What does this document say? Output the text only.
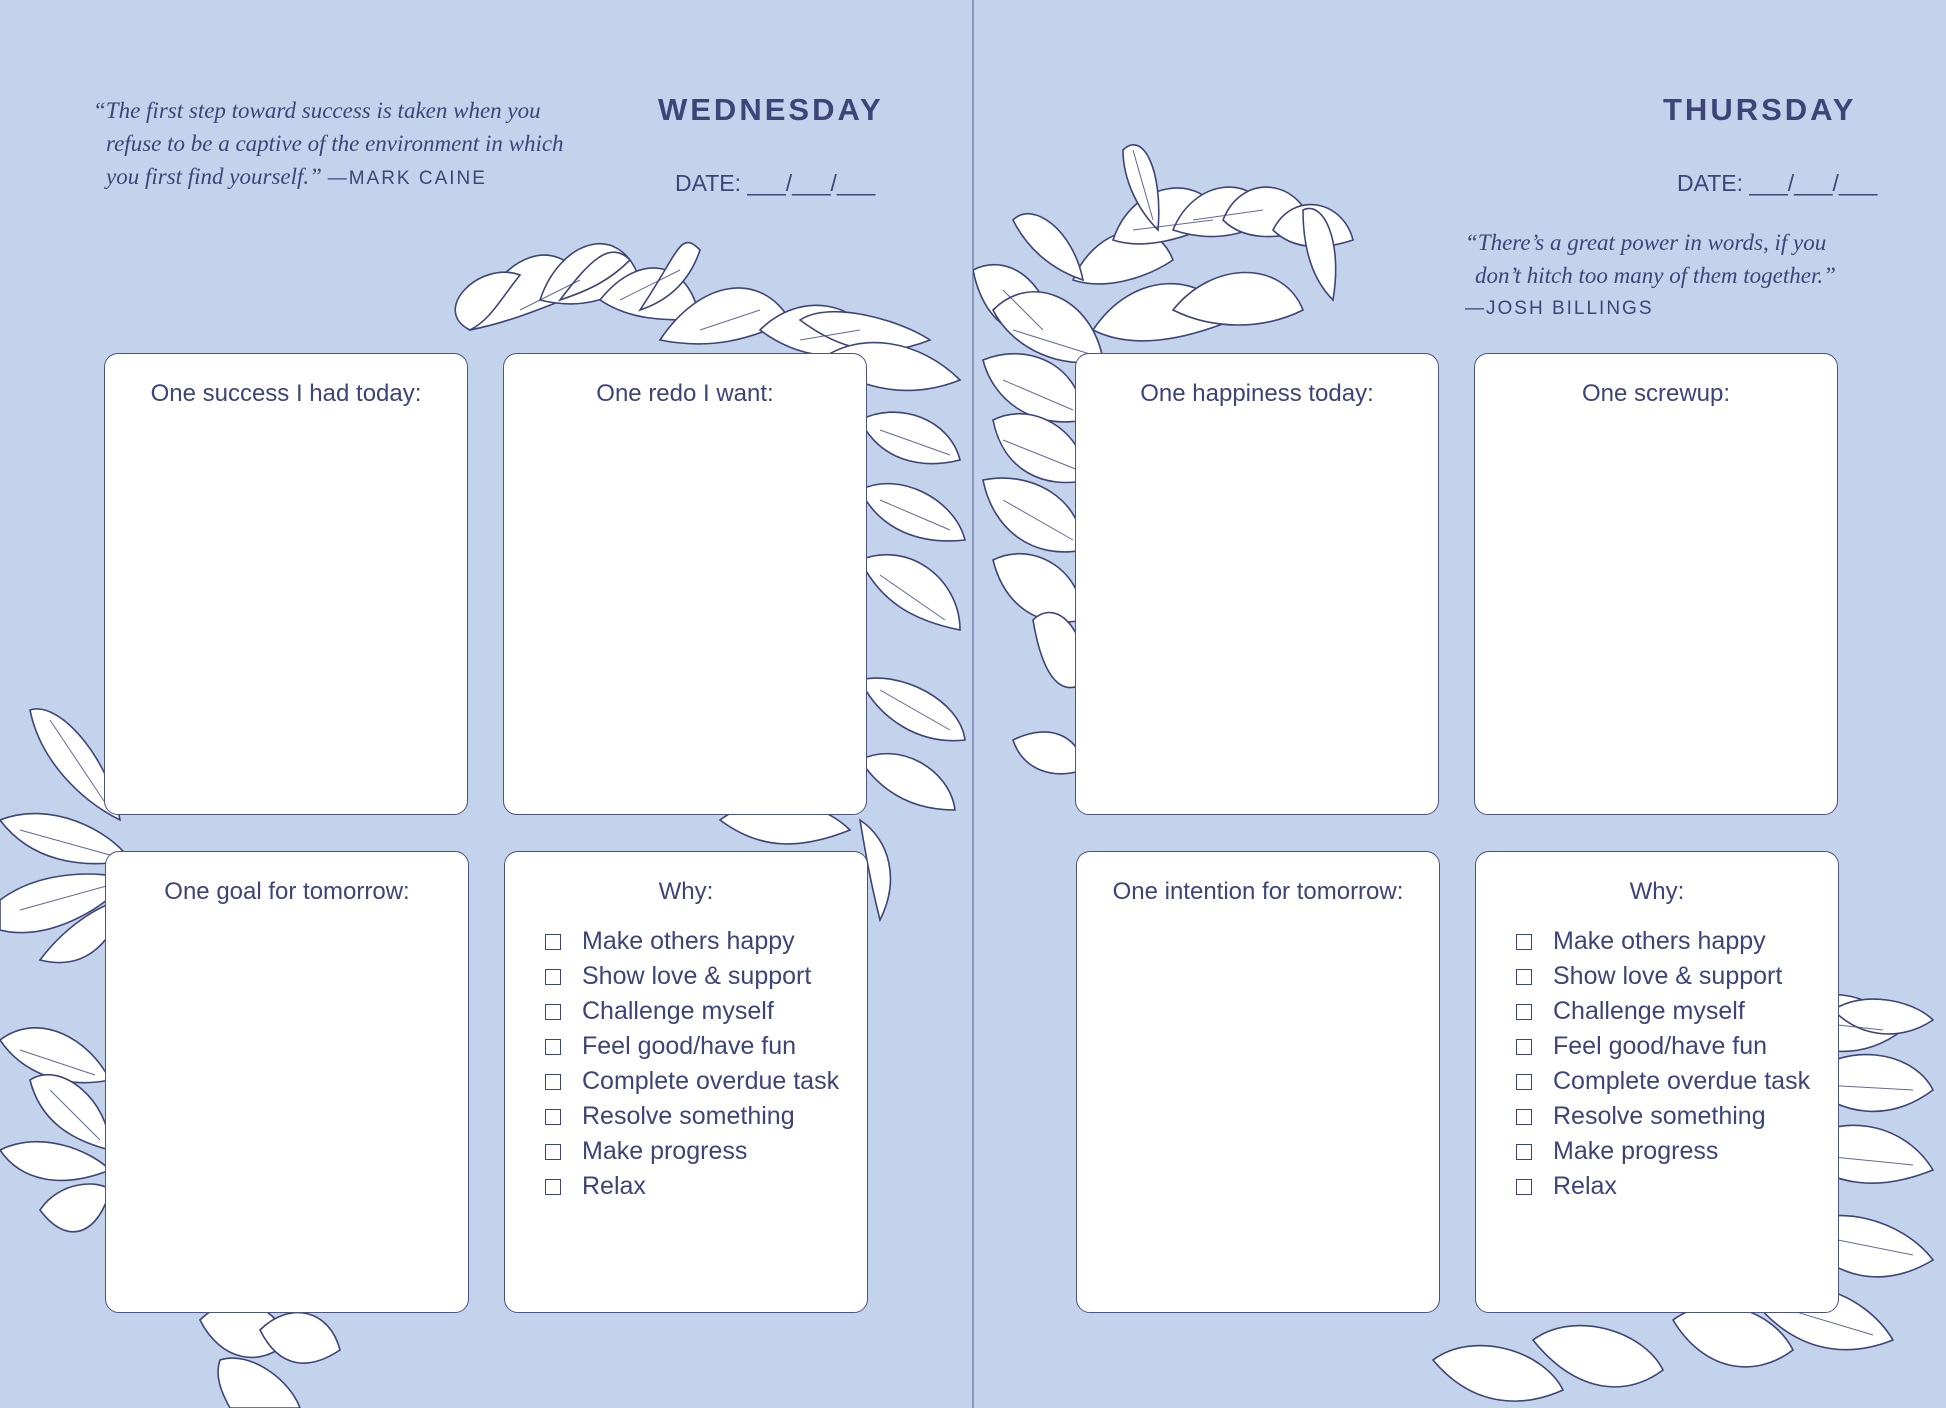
“The first step toward success is taken when you
refuse to be a captive of the environment in which
you first find yourself.” —MARK CAINE
WEDNESDAY
DATE: ___/___/___
One success I had today:	One redo I want:
One goal for tomorrow:	Why:
Make others happy
Show love & support
Challenge myself
Feel good/have fun
Complete overdue task
Resolve something
Make progress
Relax
THURSDAY
DATE: ___/___/___
“There’s a great power in words, if you
don’t hitch too many of them together.”
—JOSH BILLINGS
One happiness today:	One screwup:
One intention for tomorrow:	Why:
Make others happy
Show love & support
Challenge myself
Feel good/have fun
Complete overdue task
Resolve something
Make progress
Relax
